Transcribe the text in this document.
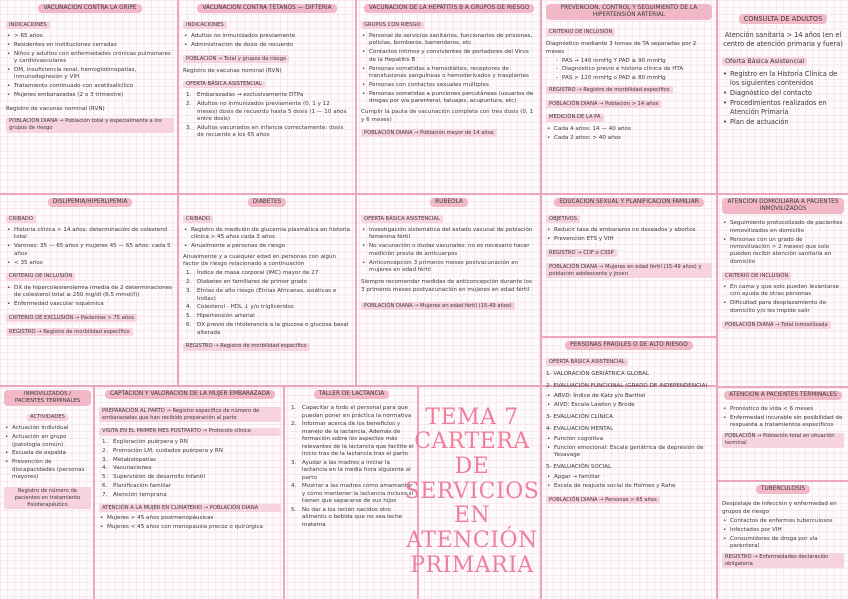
VACUNACIÓN CONTRA LA GRIPE
INDICACIONES
• > 65 años
• Residentes en instituciones cerradas
• Niños y adultos con enfermedades crónicas pulmonares y cardiovasculares
• DM, insuficiencia renal, hemoglobinopatías, inmunodepresión y VIH
• Tratamiento continuado con acetilsalicílico
• Mujeres embarazadas (2 o 3 trimestre)
Registro de vacunas nominal (RVN)
POBLACIÓN DIANA → Población total y especialmente a los grupos de riesgo
VACUNACIÓN CONTRA TÉTANOS — DIFTERIA
INDICACIONES
• Adultos no inmunizados previamente
• Administración de dosis de recuerdo
POBLACIÓN → Total y grupos de riesgo
Registro de vacunas nominal (RVN)
OFERTA BÁSICA ASISTENCIAL
1.	Embarazadas → exclusivamente DTPa
2.	Adultos no inmunizados previamente (0, 1 y 12 meses) dosis de recuerdo hasta 5 dosis (1 — 10 años entre dosis)
3.	Adultos vacunados en infancia correctamente: dosis de recuerdo a los 65 años
VACUNACIÓN DE LA HEPATITIS B A GRUPOS DE RIESGO
GRUPOS CON RIESGO
• Personal de servicios sanitarios, funcionarios de prisiones, policías, bomberos, barrenderos, etc
• Contactos íntimos y convivientes de portadores del Virus de la Hepatitis B
• Personas sometidas a hemodiálisis, receptores de transfusiones sanguíneas o hemoderivados y trasplantes
• Personas con contactos sexuales múltiples
• Personas sometidas a punciones percutáneas (usuarios de drogas por vía parenteral, tatuajes, acupuntura, etc)
Cumplir la pauta de vacunación completa con tres dosis (0, 1 y 6 meses)
POBLACIÓN DIANA → Población mayor de 14 años
PREVENCIÓN, CONTROL Y SEGUIMIENTO DE LA HIPERTENSIÓN ARTERIAL
CRITERIO DE INCLUSIÓN
Diagnóstico mediante 3 tomas de TA separadas por 2 meses
- PAS → 140 mmHg Y PAD ≥ 90 mmHg
- Diagnóstico previo e historia clínica de HTA
- PAS > 120 mmHg o PAD ≥ 80 mmHg
REGISTRO → Registro de morbilidad específico
POBLACIÓN DIANA → Población > 14 años
MEDICIÓN DE LA PA
• Cada 4 años: 14 — 40 años
• Cada 2 años: > 40 años
CONSULTA DE ADULTOS
Atención sanitaria > 14 años (en el centro de atención primaria y fuera)
Oferta Básica Asistencial
• Registro en la Historia Clínica de los siguientes contenidos
• Diagnóstico del contacto
• Procedimientos realizados en Atención Primaria
• Plan de actuación
DISLIPEMIA/HIPERLIPEMIA
CRIBADO
• Historia clínica > 14 años: determinación de colesterol total
• Varones: 35 — 65 años y mujeres 45 — 65 años: cada 5 años
• < 35 años
CRITERIO DE INCLUSIÓN
• DX de hipercolesterolemia (media de 2 determinaciones de colesterol total ≥ 250 mg/dl (6.5 mmol/l))
• Enfermedad vascular isquémica
CRITERIO DE EXCLUSIÓN → Pacientes > 75 años
REGISTRO → Registro de morbilidad específico
DIABETES
CRIBADO
• Registro de medición de glucemia plasmática en historia clínica > 45 años cada 3 años
• Anualmente a personas de riesgo
Anualmente y a cualquier edad en personas con algún factor de riesgo relacionado a continuación
1.	Índice de masa corporal (IMC) mayor de 27
2.	Diabetes en familiares de primer grado
3.	Etnias de alto riesgo (Etnias Africanas, asiáticas e Indias)
4.	Colesterol - HDL ↓ y/o triglicéridos
5.	Hipertensión arterial
6.	DX previo de intolerancia a la glucosa o glucosa basal alterada
REGISTRO → Registro de morbilidad específico
RUBÉOLA
OFERTA BÁSICA ASISTENCIAL
• Investigación sistemática del estado vacunal de población femenina fértil
• No vacunación o dudas vacunales: no es necesario hacer medición previa de anticuerpos
• Anticoncepción 3 primeros meses postvacunación en mujeres en edad fértil
Siempre recomendar medidas de anticoncepción durante los 3 primeros meses postvacunación en mujeres en edad fértil
POBLACIÓN DIANA → Mujeres en edad fértil (15-49 años)
EDUCACIÓN SEXUAL Y PLANIFICACIÓN FAMILIAR
OBJETIVOS
• Reducir tasa de embarazos no deseados y abortos
• Prevención ETS y VIH
REGISTRO → CDF o CSSP
POBLACIÓN DIANA → Mujeres en edad fértil (15-49 años) y población adolescente y joven
ATENCIÓN DOMICILIARIA A PACIENTES INMOVILIZADOS
• Seguimiento protocolizado de pacientes inmovilizados en domicilio
• Personas con un grado de inmovilización > 2 meses) que solo pueden recibir atención sanitaria en domicilio
CRITERIO DE INCLUSIÓN
• En cama y que solo pueden levantarse con ayuda de otras personas
• Dificultad para desplazamiento de domicilio y/o les impide salir
POBLACIÓN DIANA → Total inmovilizada
PERSONAS FRÁGILES O DE ALTO RIESGO
OFERTA BÁSICA ASISTENCIAL
1- VALORACIÓN GERIÁTRICA GLOBAL
2- EVALUACIÓN FUNCIONAL (GRADO DE INDEPENDENCIA)
• ABVD: Índice de Katz y/o Barthel
• AIVD: Escala Lawton y Brode
3- EVALUACIÓN CLÍNICA
4- EVALUACIÓN MENTAL
• Función cognitiva
• Función emocional: Escala geriátrica de depresión de Yesavage
5- EVALUACIÓN SOCIAL
• Apgar → familiar
• Escala de reajuste social de Holmes y Rahe
POBLACIÓN DIANA → Personas > 65 años
ATENCIÓN A PACIENTES TERMINALES
• Pronóstico de vida < 6 meses
• Enfermedad incurable sin posibilidad de respuesta a tratamientos específicos
POBLACIÓN → Población total en situación terminal
TUBERCULOSIS
Despistaje de infección y enfermedad en grupos de riesgo
• Contactos de enfermos tuberculosos
• Infectados por VIH
• Consumidores de droga por vía parenteral
REGISTRO → Enfermedades declaración obligatoria
INMOVILIZADOS / PACIENTES TERMINALES
ACTIVIDADES
• Actuación individual
• Actuación en grupo (patología común)
• Escuela de espalda
• Prevención de discapacidades (personas mayores)
Registro de número de pacientes en tratamiento fisioterapéutico
CAPTACIÓN Y VALORACIÓN DE LA MUJER EMBARAZADA
PREPARACIÓN AL PARTO → Registro específico de número de embarazadas que han recibido preparación al parto
VISITA EN EL PRIMER MES POSTPARTO → Protocolo clínico
1.	Exploración puérpera y RN
2.	Promoción LM, cuidados puérpera y RN
3.	Metabolopatías
4.	Vacunaciones
5.	Supervisión de desarrollo infantil
6.	Planificación familiar
7.	Atención temprana
ATENCIÓN A LA MUJER EN CLIMATERIO → POBLACIÓN DIANA
• Mujeres > 45 años postmenopáusicas
• Mujeres < 45 años con menopausia precoz o quirúrgica
TALLER DE LACTANCIA
1.	Capacitar a todo el personal para que puedan poner en práctica la normativa
2.	Informar acerca de los beneficios y manejo de la lactancia. Además de formación sobre los aspectos más relevantes de la lactancia que facilite el inicio tras de la lactancia tras el parto
3.	Ayudar a las madres a iniciar la lactancia en la media hora siguiente al parto
4.	Mostrar a las madres cómo amamantar y cómo mantener la lactancia incluso si tienen que separarse de sus hijos
5.	No dar a los recién nacidos otro alimento o bebida que no sea leche materna
TEMA 7
CARTERA DE
SERVICIOS EN
ATENCIÓN
PRIMARIA
